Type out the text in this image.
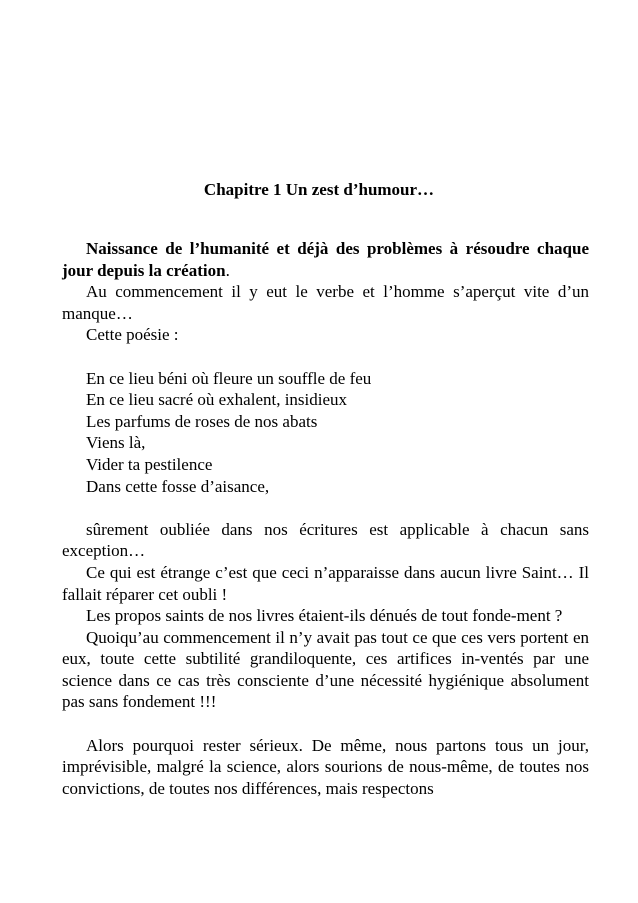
Chapitre 1 Un zest d’humour…

Naissance de l’humanité et déjà des problèmes à résoudre chaque jour depuis la création.

Au commencement il y eut le verbe et l’homme s’aperçut vite d’un manque…

Cette poésie :

En ce lieu béni où fleure un souffle de feu
En ce lieu sacré où exhalent, insidieux
Les parfums de roses de nos abats
Viens là,
Vider ta pestilence
Dans cette fosse d’aisance,

sûrement oubliée dans nos écritures est applicable à chacun sans exception…

Ce qui est étrange c’est que ceci n’apparaisse dans aucun livre Saint… Il fallait réparer cet oubli !

Les propos saints de nos livres étaient-ils dénués de tout fonde-ment ?

Quoiqu’au commencement il n’y avait pas tout ce que ces vers portent en eux, toute cette subtilité grandiloquente, ces artifices in-ventés par une science dans ce cas très consciente d’une nécessité hygiénique absolument pas sans fondement !!!

Alors pourquoi rester sérieux. De même, nous partons tous un jour, imprévisible, malgré la science, alors sourions de nous-même, de toutes nos convictions, de toutes nos différences, mais respectons
